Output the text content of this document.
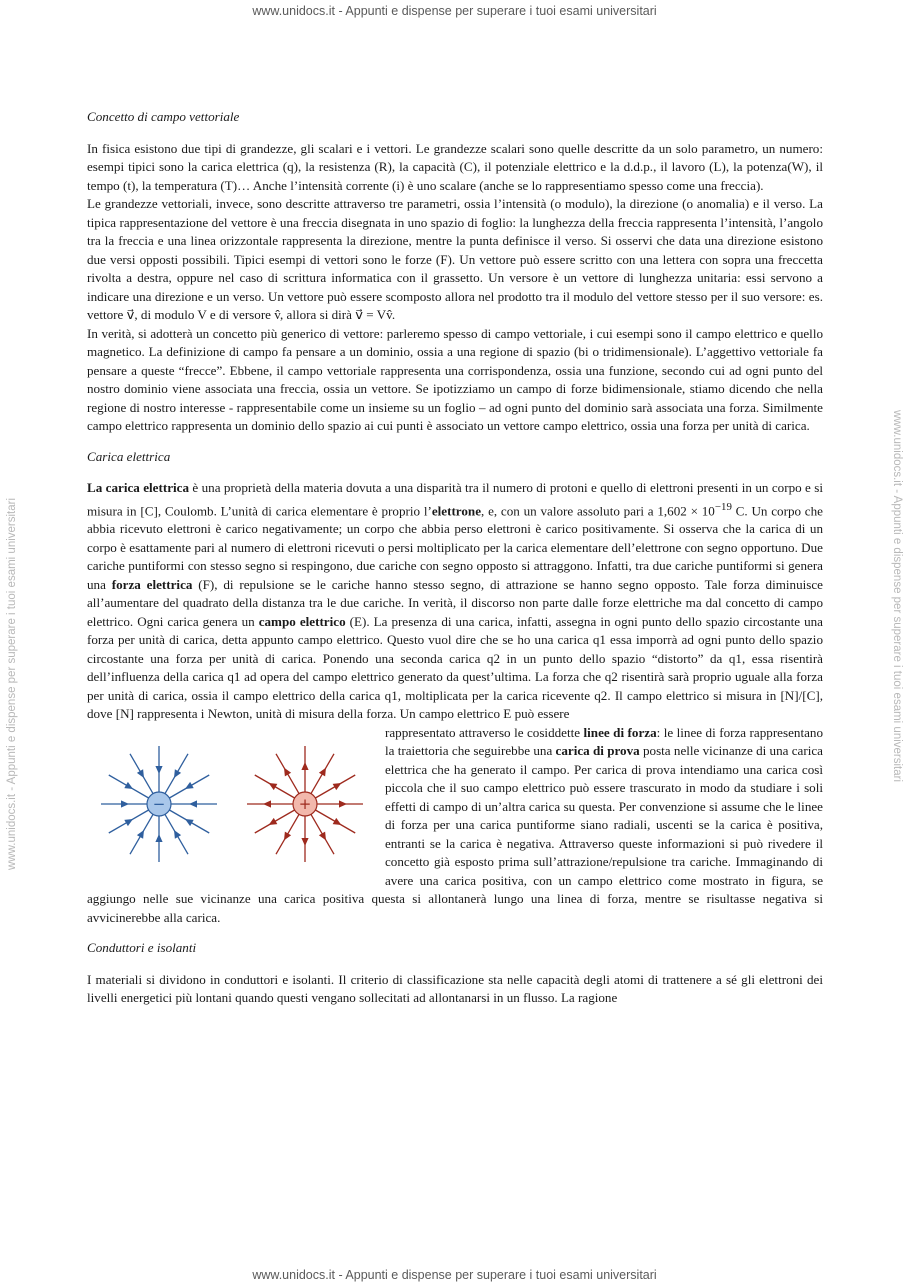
www.unidocs.it - Appunti e dispense per superare i tuoi esami universitari
www.unidocs.it - Appunti e dispense per superare i tuoi esami universitari	www.unidocs.it - Appunti e dispense per superare i tuoi esami universitari

Concetto di campo vettoriale

In fisica esistono due tipi di grandezze, gli scalari e i vettori. Le grandezze scalari sono quelle descritte da un solo parametro, un numero: esempi tipici sono la carica elettrica (q), la resistenza (R), la capacità (C), il potenziale elettrico e la d.d.p., il lavoro (L), la potenza(W), il tempo (t), la temperatura (T)… Anche l’intensità corrente (i) è uno scalare (anche se lo rappresentiamo spesso come una freccia).

Le grandezze vettoriali, invece, sono descritte attraverso tre parametri, ossia l’intensità (o modulo), la direzione (o anomalia) e il verso. La tipica rappresentazione del vettore è una freccia disegnata in uno spazio di foglio: la lunghezza della freccia rappresenta l’intensità, l’angolo tra la freccia e una linea orizzontale rappresenta la direzione, mentre la punta definisce il verso. Si osservi che data una direzione esistono due versi opposti possibili. Tipici esempi di vettori sono le forze (F). Un vettore può essere scritto con una lettera con sopra una freccetta rivolta a destra, oppure nel caso di scrittura informatica con il grassetto. Un versore è un vettore di lunghezza unitaria: essi servono a indicare una direzione e un verso. Un vettore può essere scomposto allora nel prodotto tra il modulo del vettore stesso per il suo versore: es. vettore v⃗, di modulo V e di versore v̂, allora si dirà v⃗ = Vv̂.

In verità, si adotterà un concetto più generico di vettore: parleremo spesso di campo vettoriale, i cui esempi sono il campo elettrico e quello magnetico. La definizione di campo fa pensare a un dominio, ossia a una regione di spazio (bi o tridimensionale). L’aggettivo vettoriale fa pensare a queste “frecce”. Ebbene, il campo vettoriale rappresenta una corrispondenza, ossia una funzione, secondo cui ad ogni punto del nostro dominio viene associata una freccia, ossia un vettore. Se ipotizziamo un campo di forze bidimensionale, stiamo dicendo che nella regione di nostro interesse - rappresentabile come un insieme su un foglio – ad ogni punto del dominio sarà associata una forza. Similmente campo elettrico rappresenta un dominio dello spazio ai cui punti è associato un vettore campo elettrico, ossia una forza per unità di carica.

Carica elettrica

La carica elettrica è una proprietà della materia dovuta a una disparità tra il numero di protoni e quello di elettroni presenti in un corpo e si misura in [C], Coulomb. L’unità di carica elementare è proprio l’elettrone, e, con un valore assoluto pari a $1,602 \times 10^{-19}$ C. Un corpo che abbia ricevuto elettroni è carico negativamente; un corpo che abbia perso elettroni è carico positivamente. Si osserva che la carica di un corpo è esattamente pari al numero di elettroni ricevuti o persi moltiplicato per la carica elementare dell’elettrone con segno opportuno. Due cariche puntiformi con stesso segno si respingono, due cariche con segno opposto si attraggono. Infatti, tra due cariche puntiformi si genera una forza elettrica (F), di repulsione se le cariche hanno stesso segno, di attrazione se hanno segno opposto. Tale forza diminuisce all’aumentare del quadrato della distanza tra le due cariche. In verità, il discorso non parte dalle forze elettriche ma dal concetto di campo elettrico. Ogni carica genera un campo elettrico (E). La presenza di una carica, infatti, assegna in ogni punto dello spazio circostante una forza per unità di carica, detta appunto campo elettrico. Questo vuol dire che se ho una carica q1 essa imporrà ad ogni punto dello spazio circostante una forza per unità di carica. Ponendo una seconda carica q2 in un punto dello spazio “distorto” da q1, essa risentirà dell’influenza della carica q1 ad opera del campo elettrico generato da quest’ultima. La forza che q2 risentirà sarà proprio uguale alla forza per unità di carica, ossia il campo elettrico della carica q1, moltiplicata per la carica ricevente q2. Il campo elettrico si misura in [N]/[C], dove [N] rappresenta i Newton, unità di misura della forza. Un campo elettrico E può essere

−	+

rappresentato attraverso le cosiddette linee di forza: le linee di forza rappresentano la traiettoria che seguirebbe una carica di prova posta nelle vicinanze di una carica elettrica che ha generato il campo. Per carica di prova intendiamo una carica così piccola che il suo campo elettrico può essere trascurato in modo da studiare i soli effetti di campo di un’altra carica su questa. Per convenzione si assume che le linee di forza per una carica puntiforme siano radiali, uscenti se la carica è positiva, entranti se la carica è negativa. Attraverso queste informazioni si può rivedere il concetto già esposto prima sull’attrazione/repulsione tra cariche. Immaginando di avere una carica positiva, con un campo elettrico come mostrato in figura, se aggiungo nelle sue vicinanze una carica positiva questa si allontanerà lungo una linea di forza, mentre se risultasse negativa si avvicinerebbe alla carica.

Conduttori e isolanti

I materiali si dividono in conduttori e isolanti. Il criterio di classificazione sta nelle capacità degli atomi di trattenere a sé gli elettroni dei livelli energetici più lontani quando questi vengano sollecitati ad allontanarsi in un flusso. La ragione

www.unidocs.it - Appunti e dispense per superare i tuoi esami universitari
